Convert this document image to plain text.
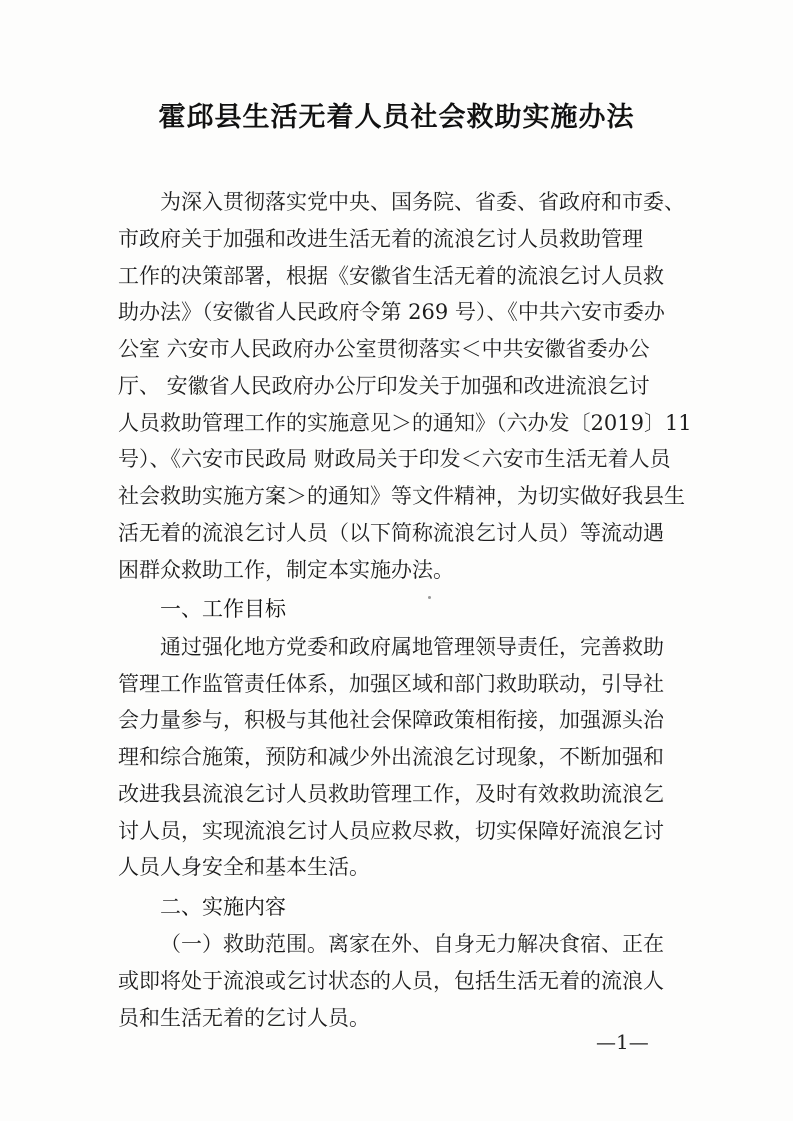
霍邱县生活无着人员社会救助实施办法
为深入贯彻落实党中央、国务院、省委、省政府和市委、
市政府关于加强和改进生活无着的流浪乞讨人员救助管理
工作的决策部署，根据《安徽省生活无着的流浪乞讨人员救
助办法》（安徽省人民政府令第 269 号）、《中共六安市委办
公室 六安市人民政府办公室贯彻落实＜中共安徽省委办公
厅、 安徽省人民政府办公厅印发关于加强和改进流浪乞讨
人员救助管理工作的实施意见＞的通知》（六办发〔2019〕11
号）、《六安市民政局 财政局关于印发＜六安市生活无着人员
社会救助实施方案＞的通知》等文件精神，为切实做好我县生
活无着的流浪乞讨人员（以下简称流浪乞讨人员）等流动遇
困群众救助工作，制定本实施办法。
一、工作目标
通过强化地方党委和政府属地管理领导责任，完善救助
管理工作监管责任体系，加强区域和部门救助联动，引导社
会力量参与，积极与其他社会保障政策相衔接，加强源头治
理和综合施策，预防和减少外出流浪乞讨现象，不断加强和
改进我县流浪乞讨人员救助管理工作，及时有效救助流浪乞
讨人员，实现流浪乞讨人员应救尽救，切实保障好流浪乞讨
人员人身安全和基本生活。
二、实施内容
（一）救助范围。离家在外、自身无力解决食宿、正在
或即将处于流浪或乞讨状态的人员，包括生活无着的流浪人
员和生活无着的乞讨人员。
—1—
